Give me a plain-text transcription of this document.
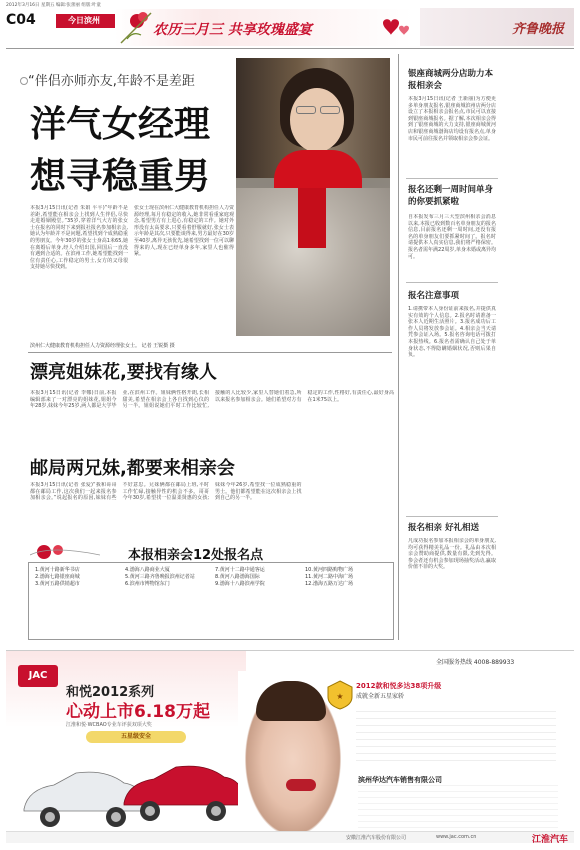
2012年3月16日 星期五 编辑:张蕾丽 组版:叶童
C04	今日滨州
农历三月三 共享玫瑰盛宴	齐鲁晚报
“伴侣亦师亦友,年龄不是差距
洋气女经理
想寻稳重男
本报3月15日讯(记者 朱娟 平平)“年龄不是差距,希望能在相亲会上找到人生伴侣,尽快走进婚姻殿堂。”35岁,穿着洋气大方的张女士在报名的同时下来到报社报名参加相亲会,她认为年龄并不是问题,希望找到个成熟稳重的男朋友。今年30岁的张女士身高1米65,她在离婚后单身,经人介绍出国,回国后一直没有遇到合适的。在滨州工作,她希望能找到一位有责任心,工作稳定的男士,女方的父母很支持她尽快找到。
张女士现在滨州仁大健康教育机构担任人力资源经理,每月有稳定的收入,她非常看重家庭观念,希望男方有上进心,有稳定的工作。她对外形没有太高要求,只要看着舒服就好,张女士表示年龄是其次,只要能谈得来,男方最好在30岁至40岁,离异无孩优先,她希望找到一位可以聊得来的人,现在已经单身多年,家里人也催得紧。
滨州仁大健康教育机构担任人力资源经理张女士。 记者 王锐摄 摄
银座商城两分店助力本报相亲会
本报3月15日讯(记者 王新丽)为方便更多单身朋友报名,银座商城滨州店两分店设立了本报相亲会报名点,市民可以直接到银座商城报名。据了解,本次相亲会得到了银座商城的大力支持,银座商城黄河店和银座商城渤海店均设有报名点,单身市民可前往报名并领取相亲会参会证。
报名还剩一周时间单身的你要抓紧啦
自本报发布三月三大型滨州相亲会消息以来,本报已收到数百名单身朋友的报名信息,目前报名还剩一周时间,还没有报名的单身朋友们要抓紧时间了。报名时请提供本人真实信息,我们将严格保密。报名者需年满22周岁,单身未婚或离异均可。
报名注意事项
1.请携带本人身份证前来报名,并提供真实有效的个人信息。2.报名时请准备一张本人近期生活照片。3.报名成功后工作人员将发放参会证。4.相亲会当天请凭参会证入场。5.报名咨询电话可拨打本报热线。6.报名者需确认自己处于单身状态,不得隐瞒婚姻状况,否则后果自负。
报名相亲 好礼相送
凡成功报名参加本报相亲会的单身朋友,均可获得精美礼品一份。礼品由本次相亲会赞助商提供,数量有限,先到先得。参会者还有机会参加现场抽奖活动,赢取价值不菲的大奖。
漂亮姐妹花,要找有缘人
本报3月15日讯(记者 李娜)日前,本报编辑部来了一对漂亮的姐妹花,姐姐今年28岁,妹妹今年25岁,两人都是大学毕业,在滨州工作。姐妹俩性格开朗,长相甜美,希望在相亲会上各自找到心仪的另一半。姐姐说她们平时工作比较忙,接触的人比较少,家里人替她们着急,所以来报名参加相亲会。她们希望对方有稳定的工作,性格好,有责任心,最好身高在1米75以上。
邮局两兄妹,都要来相亲会
本报3月15日讯(记者 张爱)“我和哥哥都在邮局工作,这次我们一起来报名参加相亲会。”说起报名的原因,妹妹有些不好意思。兄妹俩都在邮局上班,平时工作忙碌,接触异性的机会不多。哥哥今年30岁,希望找一位温柔贤惠的女孩;妹妹今年26岁,希望找一位成熟稳重的男士。他们都希望能在这次相亲会上找到自己的另一半。
本报相亲会12处报名点
1.黄河十路新华书店
2.渤海七路银座商城
3.黄河五路供销超市
4.渤海八路商业大厦
5.黄河三路齐鲁晚报滨州记者站
6.滨州市博物馆东门
7.黄河十二路中通客运
8.黄河八路渤海国际
9.渤海十八路滨州学院
10.黄河四路购物广场
11.黄河二路中海广场
12.渤海五路万达广场
JAC
和悦2012系列
心动上市6.18万起
江淮和悦·WCBAO专业车评获双项大奖
五星级安全
全国服务热线 4008-889933
★
2012款和悦多达38项升级
成就全新五星家轿
滨州华达汽车销售有限公司
安徽江淮汽车股份有限公司	www.jac.com.cn	江淮汽车
